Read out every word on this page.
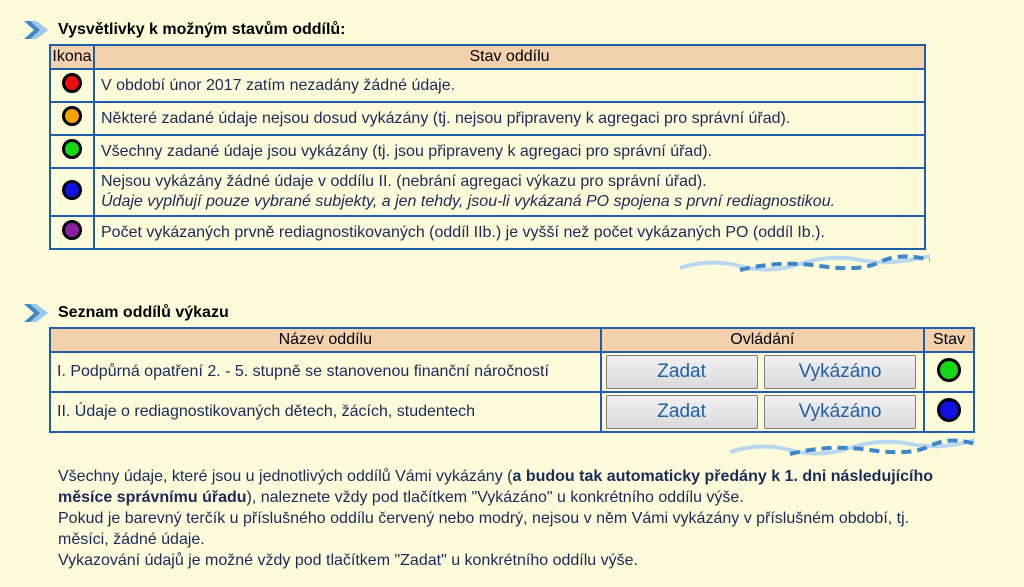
Vysvětlivky k možným stavům oddílů:
Ikona	Stav oddílu
	V období únor 2017 zatím nezadány žádné údaje.
	Některé zadané údaje nejsou dosud vykázány (tj. nejsou připraveny k agregaci pro správní úřad).
	Všechny zadané údaje jsou vykázány (tj. jsou připraveny k agregaci pro správní úřad).
	Nejsou vykázány žádné údaje v oddílu II. (nebrání agregaci výkazu pro správní úřad).
Údaje vyplňují pouze vybrané subjekty, a jen tehdy, jsou-li vykázaná PO spojena s první rediagnostikou.

	Počet vykázaných prvně rediagnostikovaných (oddíl IIb.) je vyšší než počet vykázaných PO (oddíl Ib.).
Seznam oddílů výkazu
Název oddílu	Ovládání	Stav
I. Podpůrná opatření 2. - 5. stupně se stanovenou finanční náročností	Zadat Vykázáno	
II. Údaje o rediagnostikovaných dětech, žácích, studentech	Zadat Vykázáno	
Všechny údaje, které jsou u jednotlivých oddílů Vámi vykázány (a budou tak automaticky předány k 1. dni následujícího měsíce správnímu úřadu), naleznete vždy pod tlačítkem "Vykázáno" u konkrétního oddílu výše.
Pokud je barevný terčík u příslušného oddílu červený nebo modrý, nejsou v něm Vámi vykázány v příslušném období, tj. měsíci, žádné údaje.
Vykazování údajů je možné vždy pod tlačítkem "Zadat" u konkrétního oddílu výše.
